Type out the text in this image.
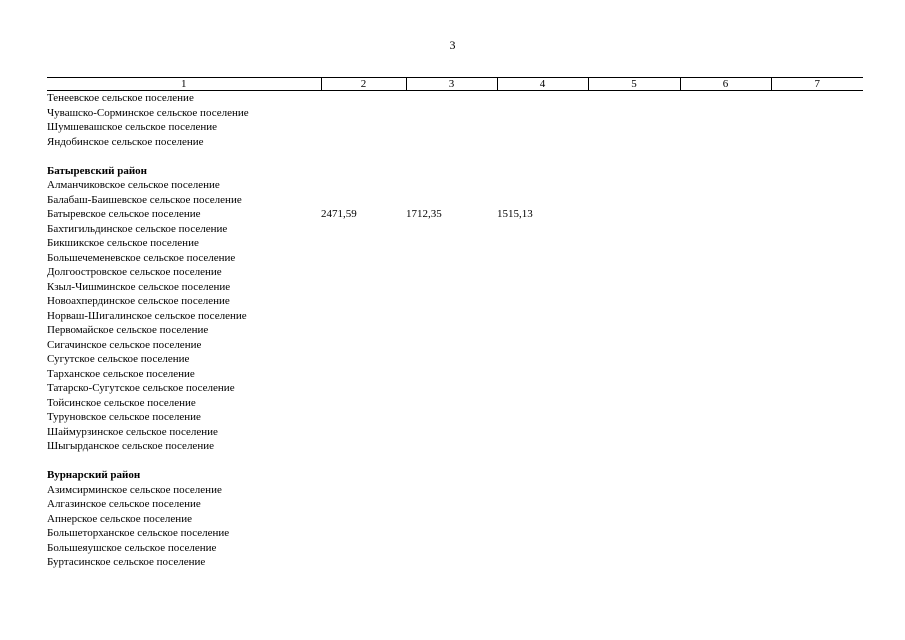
3
1	2	3	4	5	6	7
Тенеевское сельское поселение						
Чувашско-Сорминское сельское поселение						
Шумшевашское сельское поселение						
Яндобинское сельское поселение						

Батыревский район						
Алманчиковское сельское поселение						
Балабаш-Баишевское сельское поселение						
Батыревское сельское поселение	2471,59	1712,35	1515,13			
Бахтигильдинское сельское поселение						
Бикшикское сельское поселение						
Большечеменевское сельское поселение						
Долгоостровское сельское поселение						
Кзыл-Чишминское сельское поселение						
Новоахпердинское сельское поселение						
Норваш-Шигалинское сельское поселение						
Первомайское сельское поселение						
Сигачинское сельское поселение						
Сугутское сельское поселение						
Тарханское сельское поселение						
Татарско-Сугутское сельское поселение						
Тойсинское сельское поселение						
Туруновское сельское поселение						
Шаймурзинское сельское поселение						
Шыгырданское сельское поселение						

Вурнарский район						
Азимсирминское сельское поселение						
Алгазинское сельское поселение						
Апнерское сельское поселение						
Большеторханское сельское поселение						
Большеяушское сельское поселение						
Буртасинское сельское поселение						
